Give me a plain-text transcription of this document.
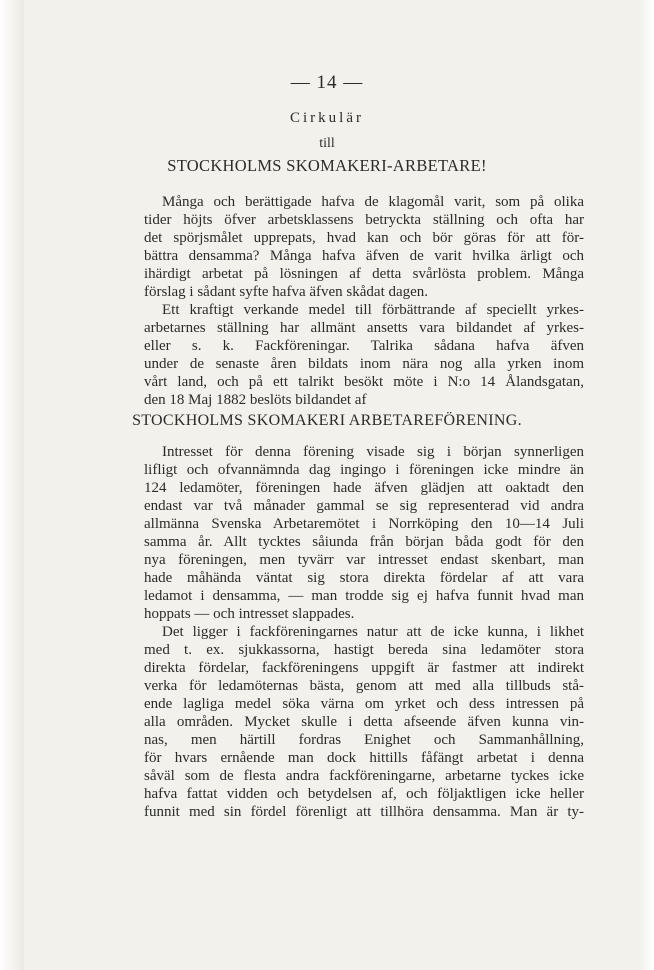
— 14 —
Cirkulär
till
STOCKHOLMS SKOMAKERI-ARBETARE!
Många och berättigade hafva de klagomål varit, som på olika
tider höjts öfver arbetsklassens betryckta ställning och ofta har
det spörjsmålet upprepats, hvad kan och bör göras för att för-
bättra densamma? Många hafva äfven de varit hvilka ärligt och
ihärdigt arbetat på lösningen af detta svårlösta problem. Många
förslag i sådant syfte hafva äfven skådat dagen.
Ett kraftigt verkande medel till förbättrande af speciellt yrkes-
arbetarnes ställning har allmänt ansetts vara bildandet af yrkes-
eller s. k. Fackföreningar. Talrika sådana hafva äfven
under de senaste åren bildats inom nära nog alla yrken inom
vårt land, och på ett talrikt besökt möte i N:o 14 Ålandsgatan,
den 18 Maj 1882 beslöts bildandet af
STOCKHOLMS SKOMAKERI ARBETAREFÖRENING.
Intresset för denna förening visade sig i början synnerligen
lifligt och ofvannämnda dag ingingo i föreningen icke mindre än
124 ledamöter, föreningen hade äfven glädjen att oaktadt den
endast var två månader gammal se sig representerad vid andra
allmänna Svenska Arbetaremötet i Norrköping den 10—14 Juli
samma år. Allt tycktes såiunda från början båda godt för den
nya föreningen, men tyvärr var intresset endast skenbart, man
hade måhända väntat sig stora direkta fördelar af att vara
ledamot i densamma, — man trodde sig ej hafva funnit hvad man
hoppats — och intresset slappades.
Det ligger i fackföreningarnes natur att de icke kunna, i likhet
med t. ex. sjukkassorna, hastigt bereda sina ledamöter stora
direkta fördelar, fackföreningens uppgift är fastmer att indirekt
verka för ledamöternas bästa, genom att med alla tillbuds stå-
ende lagliga medel söka värna om yrket och dess intressen på
alla områden. Mycket skulle i detta afseende äfven kunna vin-
nas, men härtill fordras Enighet och Sammanhållning,
för hvars ernående man dock hittills fåfängt arbetat i denna
såväl som de flesta andra fackföreningarne, arbetarne tyckes icke
hafva fattat vidden och betydelsen af, och följaktligen icke heller
funnit med sin fördel förenligt att tillhöra densamma. Man är ty-
